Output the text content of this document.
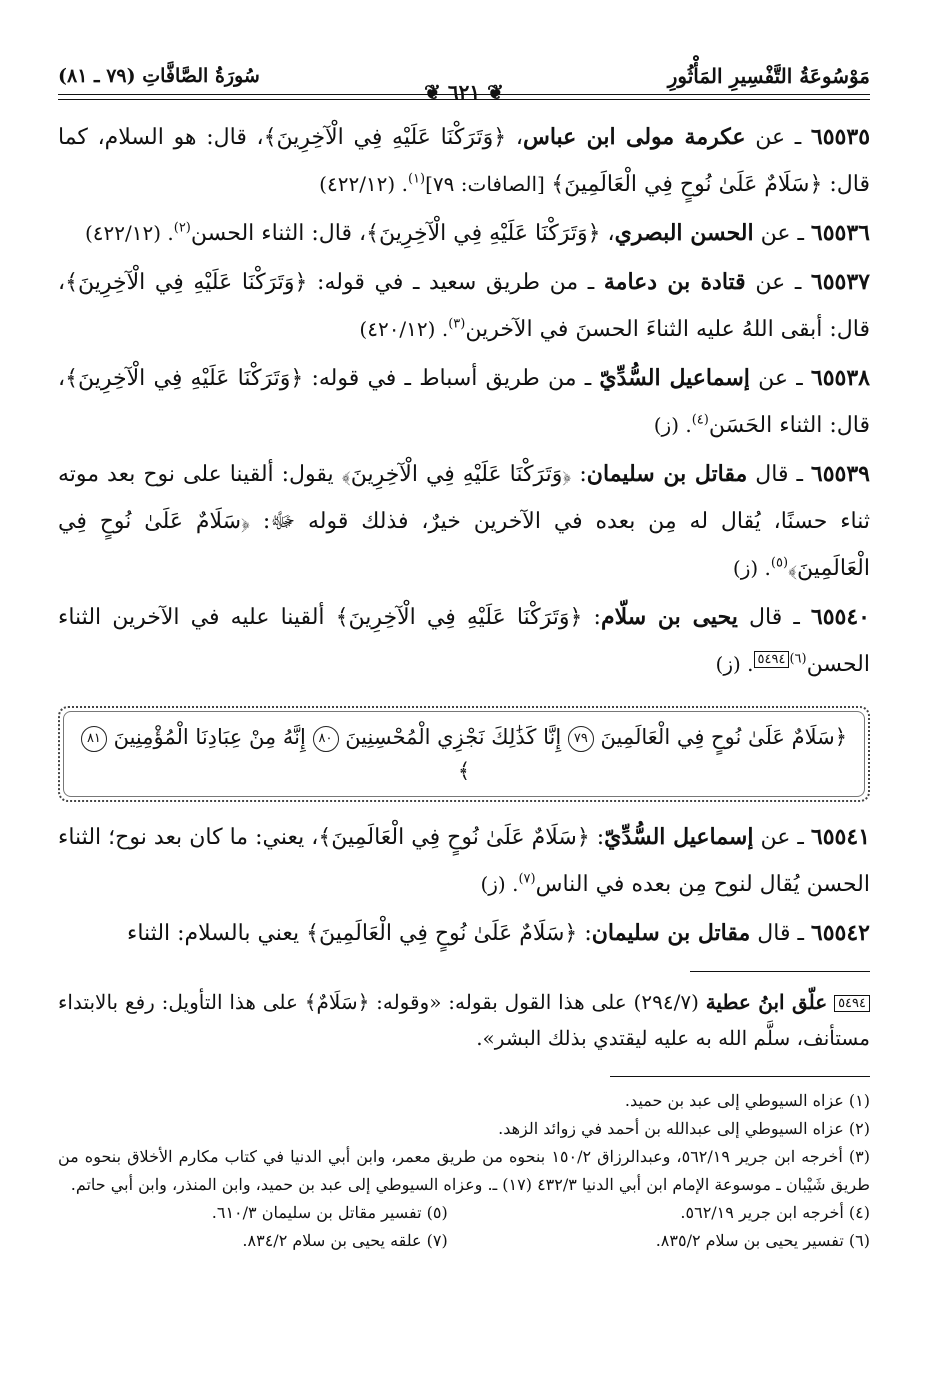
مَوْسُوعَةُ التَّفْسِيرِ المَأْثُورِ
سُورَةُ الصَّافَّاتِ (٧٩ ـ ٨١)
❦ ٦٢١ ❦

٦٥٥٣٥ ـ عن عكرمة مولى ابن عباس، ﴿وَتَرَكْنَا عَلَيْهِ فِي الْآخِرِينَ﴾، قال: هو السلام، كما قال: ﴿سَلَامٌ عَلَىٰ نُوحٍ فِي الْعَالَمِينَ﴾ [الصافات: ٧٩]$^{(١)}$. (٤٢٢/١٢)

٦٥٥٣٦ ـ عن الحسن البصري، ﴿وَتَرَكْنَا عَلَيْهِ فِي الْآخِرِينَ﴾، قال: الثناء الحسن$^{(٢)}$. (٤٢٢/١٢)

٦٥٥٣٧ ـ عن قتادة بن دعامة ـ من طريق سعيد ـ في قوله: ﴿وَتَرَكْنَا عَلَيْهِ فِي الْآخِرِينَ﴾، قال: أبقى اللهُ عليه الثناءَ الحسنَ في الآخرين$^{(٣)}$. (٤٢٠/١٢)

٦٥٥٣٨ ـ عن إسماعيل السُّدِّيّ ـ من طريق أسباط ـ في قوله: ﴿وَتَرَكْنَا عَلَيْهِ فِي الْآخِرِينَ﴾، قال: الثناء الحَسَن$^{(٤)}$. (ز)

٦٥٥٣٩ ـ قال مقاتل بن سليمان: ﴿وَتَرَكْنَا عَلَيْهِ فِي الْآخِرِينَ﴾ يقول: ألقينا على نوح بعد موته ثناء حسنًا، يُقال له مِن بعده في الآخرين خيرٌ، فذلك قوله ﷻ: ﴿سَلَامٌ عَلَىٰ نُوحٍ فِي الْعَالَمِينَ﴾$^{(٥)}$. (ز)

٦٥٥٤٠ ـ قال يحيى بن سلّام: ﴿وَتَرَكْنَا عَلَيْهِ فِي الْآخِرِينَ﴾ ألقينا عليه في الآخرين الثناء الحسن$^{(٦)}$٥٤٩٤. (ز)

﴿سَلَامٌ عَلَىٰ نُوحٍ فِي الْعَالَمِينَ ٧٩ إِنَّا كَذَٰلِكَ نَجْزِي الْمُحْسِنِينَ ٨٠ إِنَّهُ مِنْ عِبَادِنَا الْمُؤْمِنِينَ ٨١﴾

٦٥٥٤١ ـ عن إسماعيل السُّدِّيّ: ﴿سَلَامٌ عَلَىٰ نُوحٍ فِي الْعَالَمِينَ﴾، يعني: ما كان بعد نوح؛ الثناء الحسن يُقال لنوح مِن بعده في الناس$^{(٧)}$. (ز)

٦٥٥٤٢ ـ قال مقاتل بن سليمان: ﴿سَلَامٌ عَلَىٰ نُوحٍ فِي الْعَالَمِينَ﴾ يعني بالسلام: الثناء

٥٤٩٤ علّق ابنُ عطية (٢٩٤/٧) على هذا القول بقوله: «وقوله: ﴿سَلَامٌ﴾ على هذا التأويل: رفع بالابتداء مستأنف، سلَّم الله به عليه ليقتدي بذلك البشر».

(١) عزاه السيوطي إلى عبد بن حميد.

(٢) عزاه السيوطي إلى عبدالله بن أحمد في زوائد الزهد.

(٣) أخرجه ابن جرير ٥٦٢/١٩، وعبدالرزاق ١٥٠/٢ بنحوه من طريق معمر، وابن أبي الدنيا في كتاب مكارم الأخلاق بنحوه من طريق شَيْبان ـ موسوعة الإمام ابن أبي الدنيا ٤٣٢/٣ (١٧) ـ. وعزاه السيوطي إلى عبد بن حميد، وابن المنذر، وابن أبي حاتم.

(٤) أخرجه ابن جرير ٥٦٢/١٩.
(٥) تفسير مقاتل بن سليمان ٦١٠/٣.
(٦) تفسير يحيى بن سلام ٨٣٥/٢.
(٧) علقه يحيى بن سلام ٨٣٤/٢.
